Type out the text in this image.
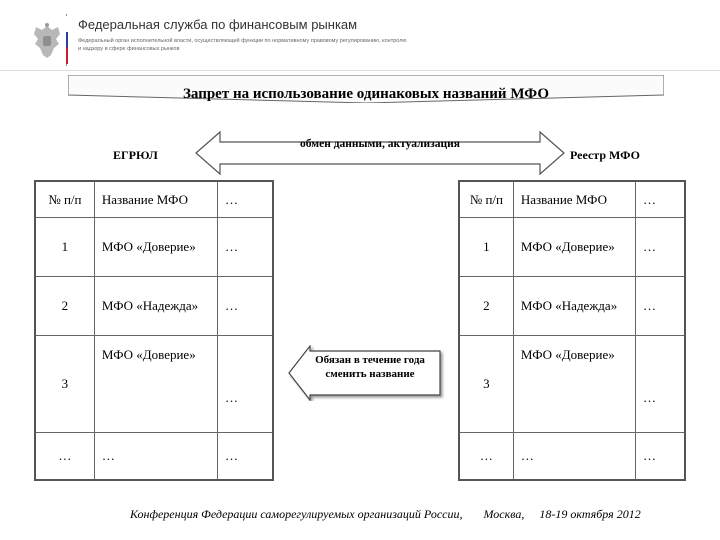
Федеральная служба по финансовым рынкам
Федеральный орган исполнительной власти, осуществляющий функции по нормативному правовому регулированию, контролю и надзору в сфере финансовых рынков
Запрет на использование одинаковых названий МФО
обмен данными, актуализация
ЕГРЮЛ	Реестр МФО
№ п/п	Название МФО	…
1	МФО «Доверие»	…
2	МФО «Надежда»	…
3	МФО «Доверие»	…
…	…	…
№ п/п	Название МФО	…
1	МФО «Доверие»	…
2	МФО «Надежда»	…
3	МФО «Доверие»	…
…	…	…
Обязан в течение года сменить название
Конференция Федерации саморегулируемых организаций России, Москва, 18-19 октября 2012
